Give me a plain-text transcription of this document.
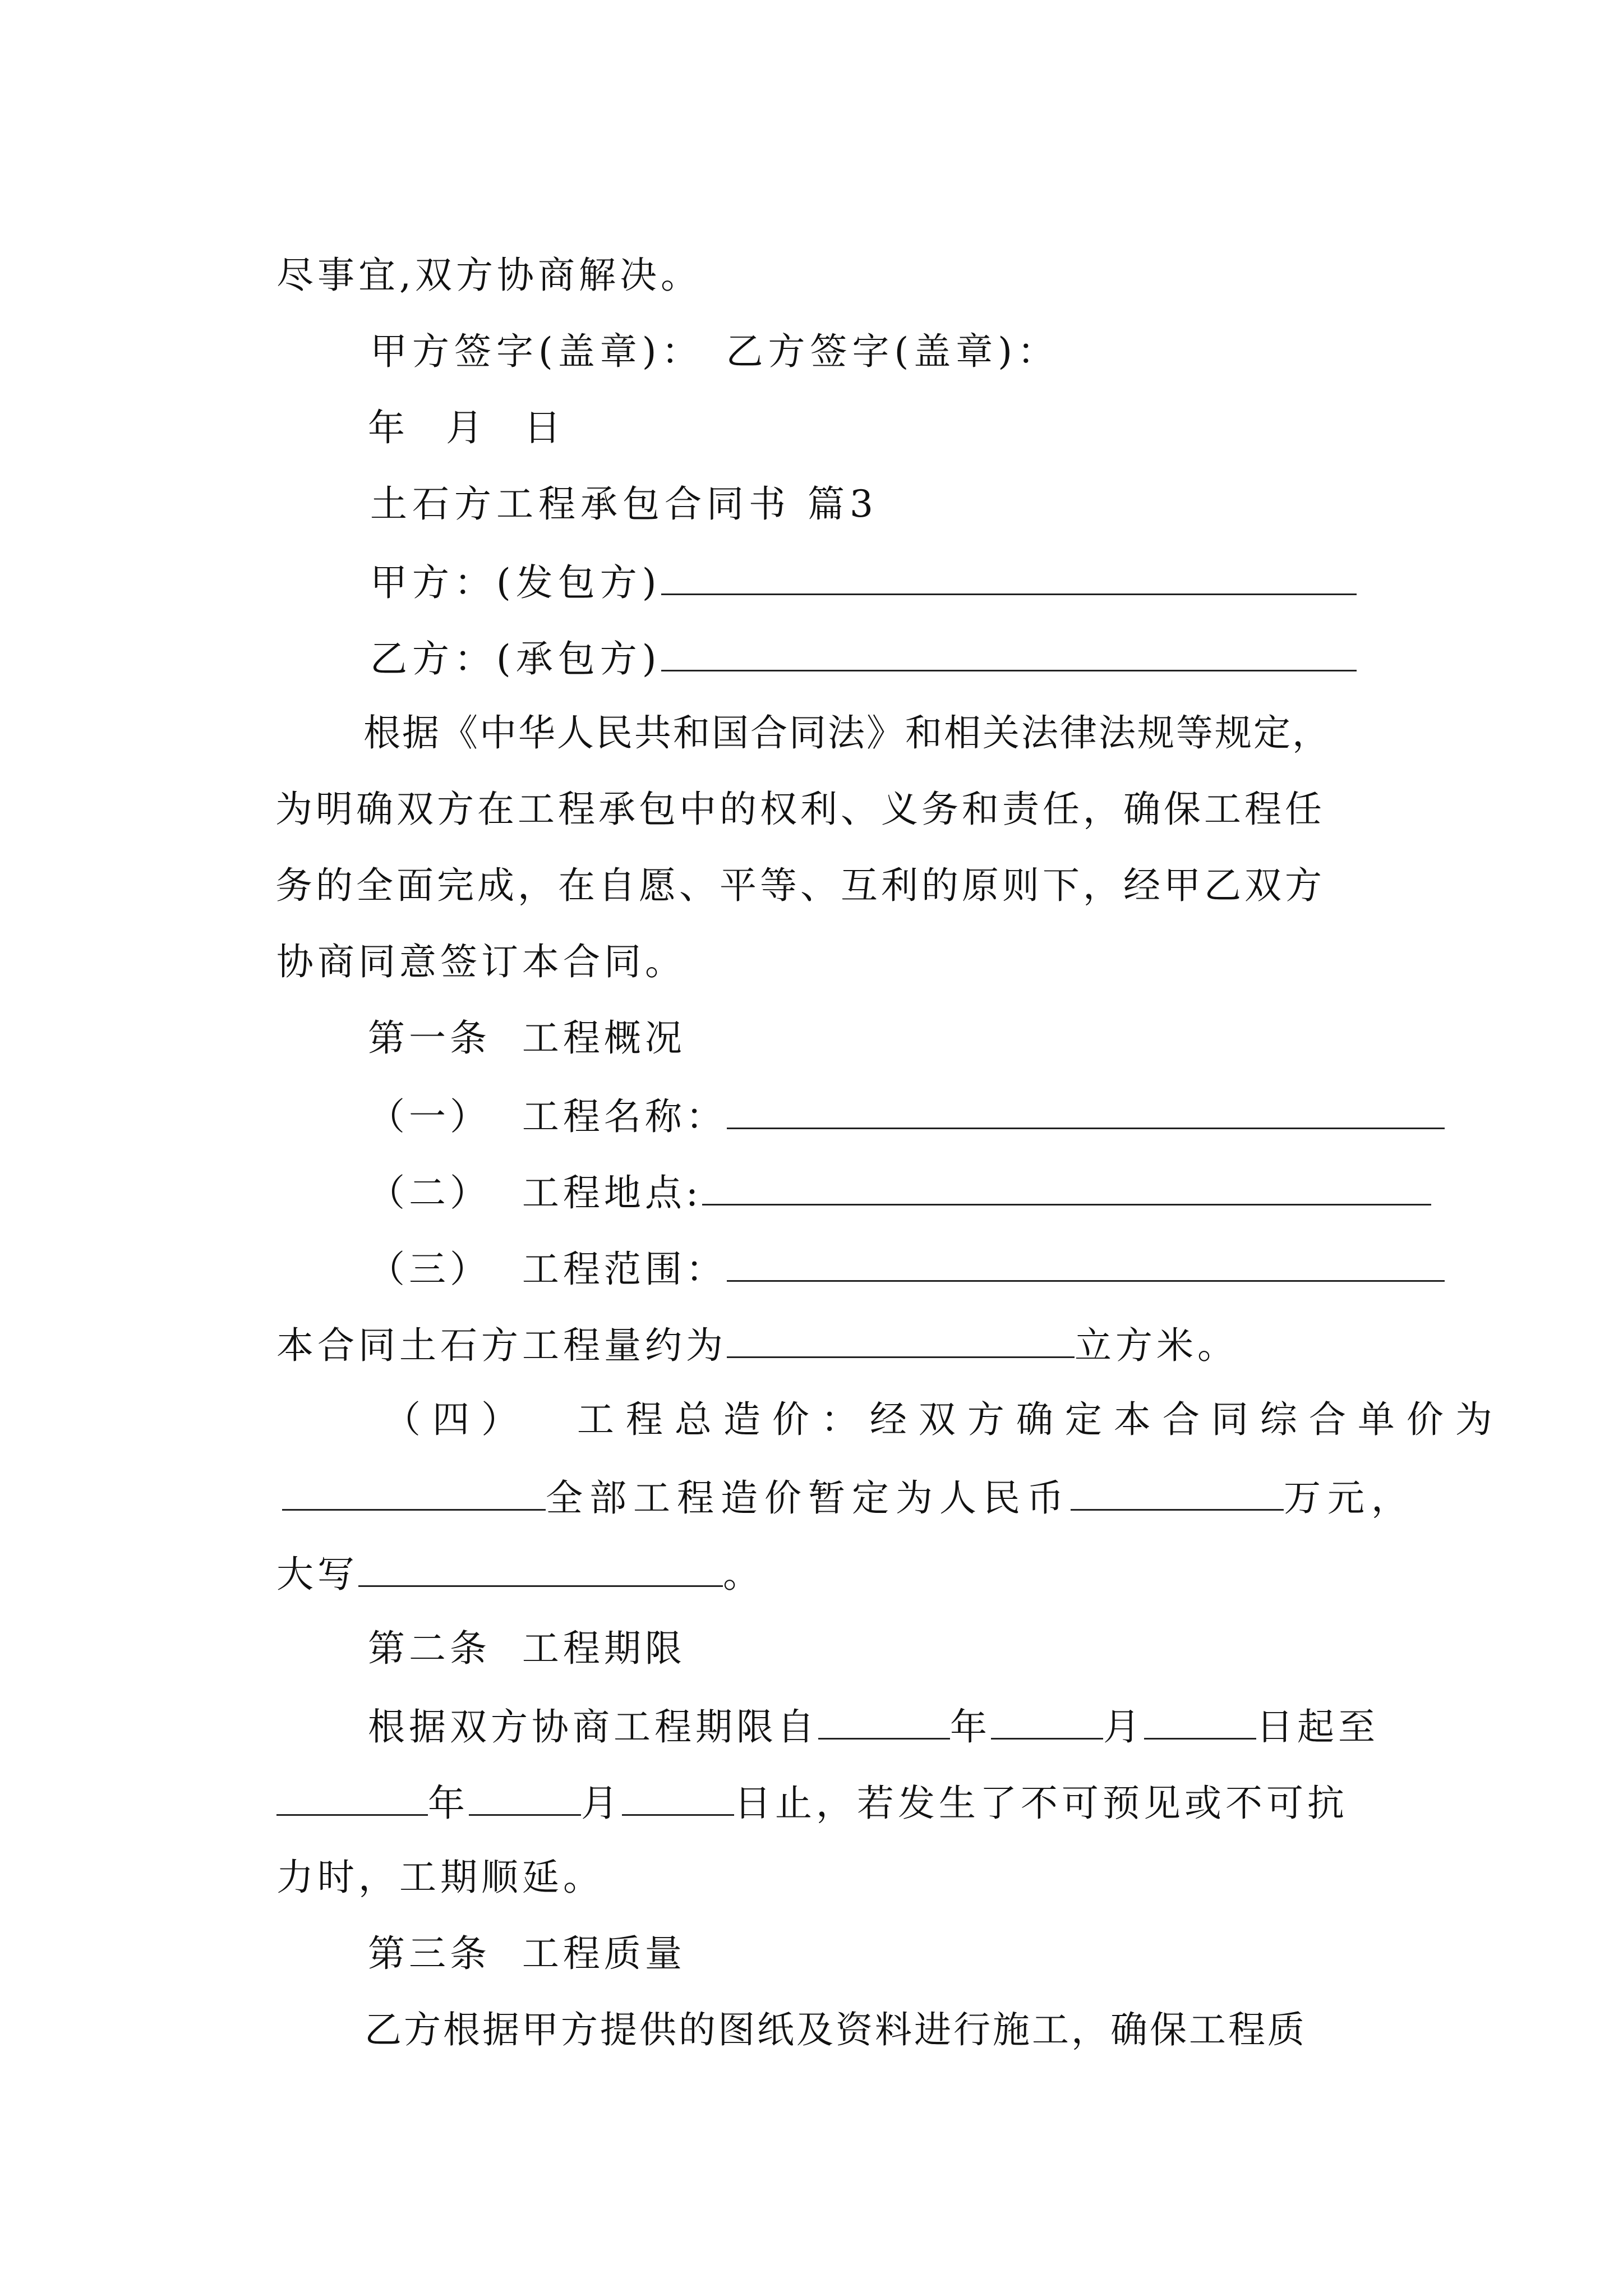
尽事宜,双方协商解决。

甲方签字(盖章)： 乙方签字(盖章)：

年 月 日

土石方工程承包合同书 篇3

甲方：(发包方)

乙方：(承包方)

根据《中华人民共和国合同法》和相关法律法规等规定，

为明确双方在工程承包中的权利、义务和责任，确保工程任

务的全面完成，在自愿、平等、互利的原则下，经甲乙双方

协商同意签订本合同。

第一条  工程概况

（一）  工程名称：

（二）  工程地点:

（三）  工程范围：

本合同土石方工程量约为	立方米。

（四）  工程总造价：经双方确定本合同综合单价为

全部工程造价暂定为人民币	万元，

大写	。

第二条  工程期限

根据双方协商工程期限自	年	月	日起至

年	月	日止，若发生了不可预见或不可抗

力时，工期顺延。

第三条  工程质量

乙方根据甲方提供的图纸及资料进行施工，确保工程质
